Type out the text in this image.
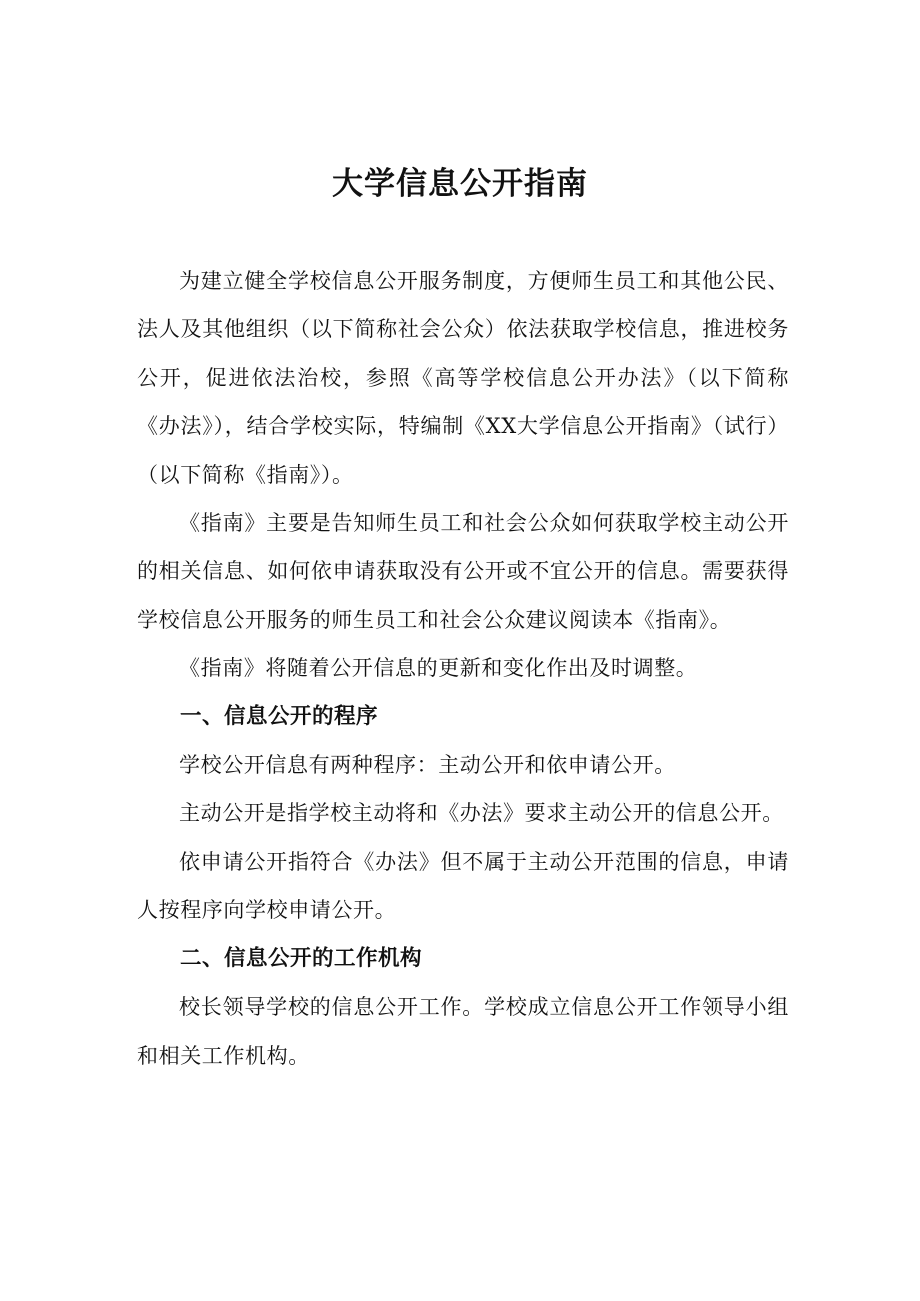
大学信息公开指南

为建立健全学校信息公开服务制度，方便师生员工和其他公民、法人及其他组织（以下简称社会公众）依法获取学校信息，推进校务公开，促进依法治校，参照《高等学校信息公开办法》（以下简称《办法》），结合学校实际，特编制《XX大学信息公开指南》（试行）（以下简称《指南》）。

《指南》主要是告知师生员工和社会公众如何获取学校主动公开的相关信息、如何依申请获取没有公开或不宜公开的信息。需要获得学校信息公开服务的师生员工和社会公众建议阅读本《指南》。

《指南》将随着公开信息的更新和变化作出及时调整。

一、信息公开的程序

学校公开信息有两种程序：主动公开和依申请公开。

主动公开是指学校主动将和《办法》要求主动公开的信息公开。

依申请公开指符合《办法》但不属于主动公开范围的信息，申请人按程序向学校申请公开。

二、信息公开的工作机构

校长领导学校的信息公开工作。学校成立信息公开工作领导小组和相关工作机构。
